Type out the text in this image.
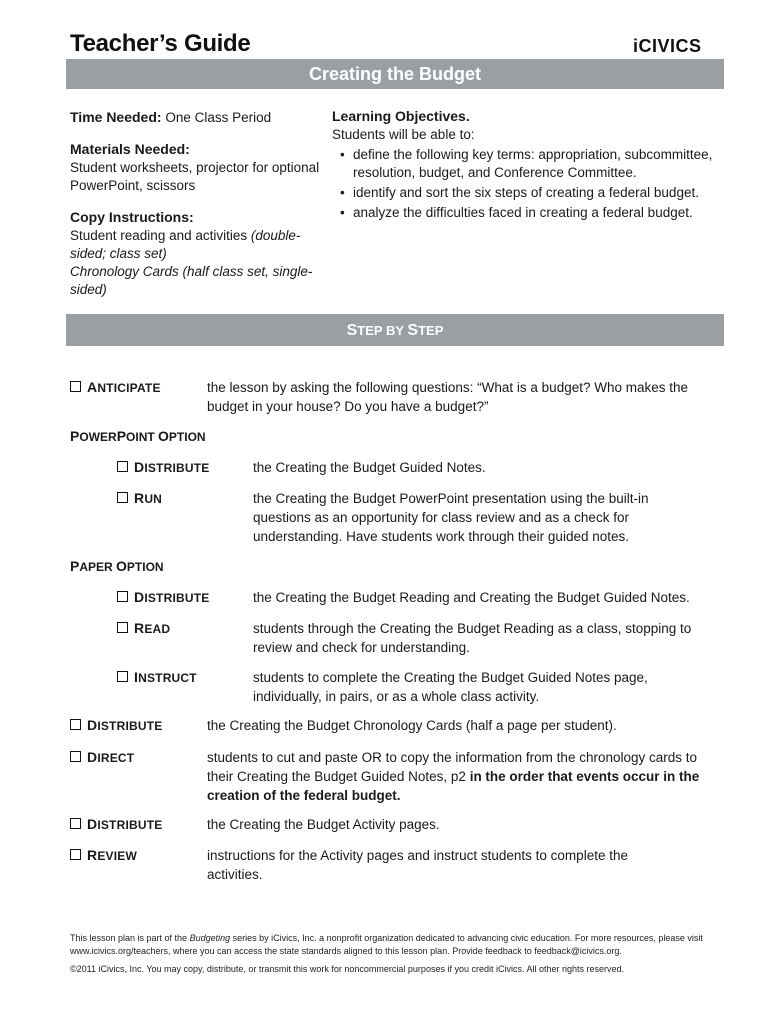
Teacher’s Guide	iCIVICS
Creating the Budget
Time Needed: One Class Period
Materials Needed:
Student worksheets, projector for optional PowerPoint, scissors
Copy Instructions:
Student reading and activities (double-sided; class set)
Chronology Cards (half class set, single-sided)
Learning Objectives.
Students will be able to:
• define the following key terms: appropriation, subcommittee, resolution, budget, and Conference Committee.
• identify and sort the six steps of creating a federal budget.
• analyze the difficulties faced in creating a federal budget.
STEP BY STEP
ANTICIPATE	the lesson by asking the following questions: “What is a budget? Who makes the budget in your house? Do you have a budget?”
POWERPOINT OPTION
DISTRIBUTE	the Creating the Budget Guided Notes.
RUN	the Creating the Budget PowerPoint presentation using the built-in questions as an opportunity for class review and as a check for understanding. Have students work through their guided notes.
PAPER OPTION
DISTRIBUTE	the Creating the Budget Reading and Creating the Budget Guided Notes.
READ	students through the Creating the Budget Reading as a class, stopping to review and check for understanding.
INSTRUCT	students to complete the Creating the Budget Guided Notes page, individually, in pairs, or as a whole class activity.
DISTRIBUTE	the Creating the Budget Chronology Cards (half a page per student).
DIRECT	students to cut and paste OR to copy the information from the chronology cards to their Creating the Budget Guided Notes, p2 in the order that events occur in the creation of the federal budget.
DISTRIBUTE	the Creating the Budget Activity pages.
REVIEW	instructions for the Activity pages and instruct students to complete the activities.
This lesson plan is part of the Budgeting series by iCivics, Inc. a nonprofit organization dedicated to advancing civic education. For more resources, please visit www.icivics.org/teachers, where you can access the state standards aligned to this lesson plan. Provide feedback to feedback@icivics.org.
©2011 iCivics, Inc. You may copy, distribute, or transmit this work for noncommercial purposes if you credit iCivics. All other rights reserved.
